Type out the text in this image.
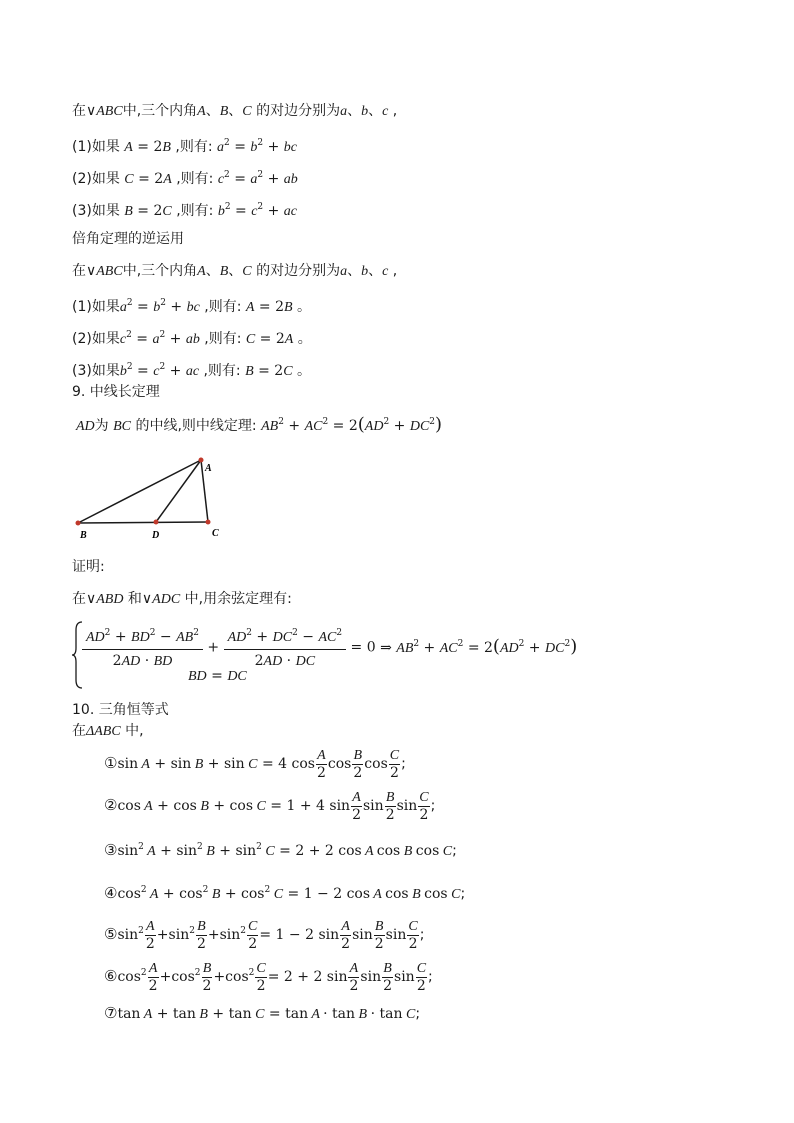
在∨ABC中,三个内角A、B、C 的对边分别为a、b、c ,
(1)如果 A = 2B ,则有: $a^2 = b^2$ + bc
(2)如果 C = 2A ,则有: $c^2 = a^2$ + ab
(3)如果 B = 2C ,则有: $b^2 = c^2$ + ac
倍角定理的逆运用
在∨ABC中,三个内角A、B、C 的对边分别为a、b、c ,
(1)如果$a^2 = b^2$ + bc ,则有: A = 2B 。
(2)如果$c^2 = a^2$ + ab ,则有: C = 2A 。
(3)如果$b^2 = c^2$ + ac ,则有: B = 2C 。
9. 中线长定理
AD为 BC 的中线,则中线定理: $AB^2 + AC^2 = 2(AD^2 + DC^2)$
A
B	D	C
证明:
在∨ABD 和∨ADC 中,用余弦定理有:
$\frac{AD^2 + BD^2 - AB^2}{2AD \cdot BD} + \frac{AD^2 + DC^2 - AC^2}{2AD \cdot DC} = 0$ ⇒ $AB^2 + AC^2 = 2(AD^2 + DC^2)$
BD = DC
10. 三角恒等式
在ΔABC 中,
①sin A + sin B + sin C = 4 $\cos \frac{A}{2}$ $\cos \frac{B}{2}$ $\cos \frac{C}{2}$ ;
②cos A + cos B + cos C = 1 + 4 $\sin \frac{A}{2}$ $\sin \frac{B}{2}$ $\sin \frac{C}{2}$ ;
$③\sin^2$ $A + \sin^2 B + \sin^2 C = 2 + 2$ cos A cos B cos C;
$④\cos^2$ $A + \cos^2 B + \cos^2 C = 1 - 2$ cos A cos B cos C;
$⑤\sin^2 \frac{A}{2} +\sin^2 \frac{B}{2} +\sin^2 \frac{C}{2} = 1 - 2$ $\sin \frac{A}{2}$ $\sin \frac{B}{2}$ $\sin \frac{C}{2}$ ;
$⑥\cos^2 \frac{A}{2} +\cos^2 \frac{B}{2} +\cos^2 \frac{C}{2} = 2 + 2$ $\sin \frac{A}{2}$ $\sin \frac{B}{2}$ $\sin \frac{C}{2}$ ;
⑦tan A + tan B + tan C = tan A · tan B · tan C;
